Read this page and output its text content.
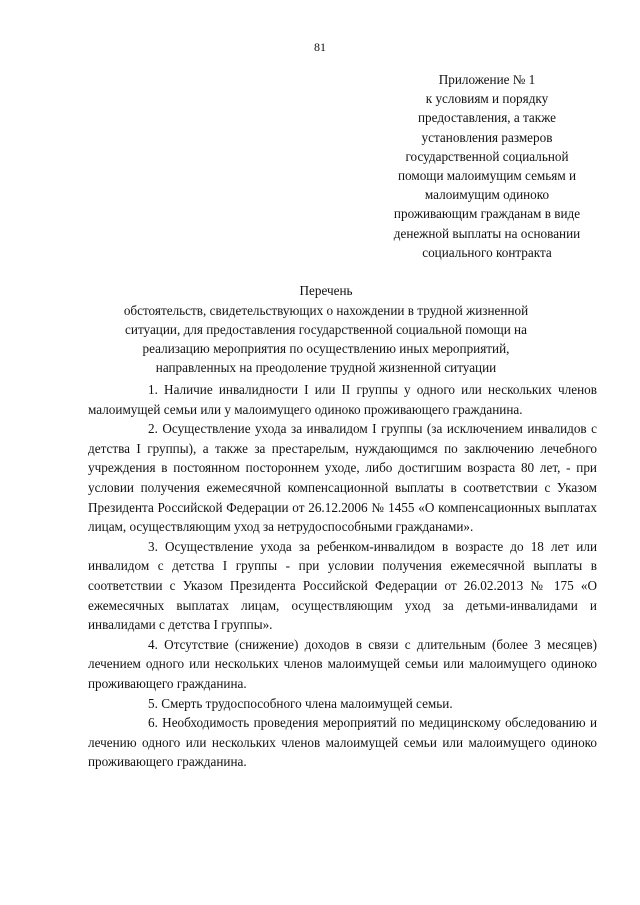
81
Приложение № 1
к условиям и порядку
предоставления, а также
установления размеров
государственной социальной
помощи малоимущим семьям и
малоимущим одиноко
проживающим гражданам в виде
денежной выплаты на основании
социального контракта
Перечень
обстоятельств, свидетельствующих о нахождении в трудной жизненной
ситуации, для предоставления государственной социальной помощи на
реализацию мероприятия по осуществлению иных мероприятий,
направленных на преодоление трудной жизненной ситуации

1. Наличие инвалидности I или II группы у одного или нескольких членов малоимущей семьи или у малоимущего одиноко проживающего гражданина.

2. Осуществление ухода за инвалидом I группы (за исключением инвалидов с детства I группы), а также за престарелым, нуждающимся по заключению лечебного учреждения в постоянном постороннем уходе, либо достигшим возраста 80 лет, - при условии получения ежемесячной компенсационной выплаты в соответствии с Указом Президента Российской Федерации от 26.12.2006 № 1455 «О компенсационных выплатах лицам, осуществляющим уход за нетрудоспособными гражданами».

3. Осуществление ухода за ребенком-инвалидом в возрасте до 18 лет или инвалидом с детства I группы - при условии получения ежемесячной выплаты в соответствии с Указом Президента Российской Федерации от 26.02.2013 № 175 «О ежемесячных выплатах лицам, осуществляющим уход за детьми-инвалидами и инвалидами с детства I группы».

4. Отсутствие (снижение) доходов в связи с длительным (более 3 месяцев) лечением одного или нескольких членов малоимущей семьи или малоимущего одиноко проживающего гражданина.

5. Смерть трудоспособного члена малоимущей семьи.

6. Необходимость проведения мероприятий по медицинскому обследованию и лечению одного или нескольких членов малоимущей семьи или малоимущего одиноко проживающего гражданина.
